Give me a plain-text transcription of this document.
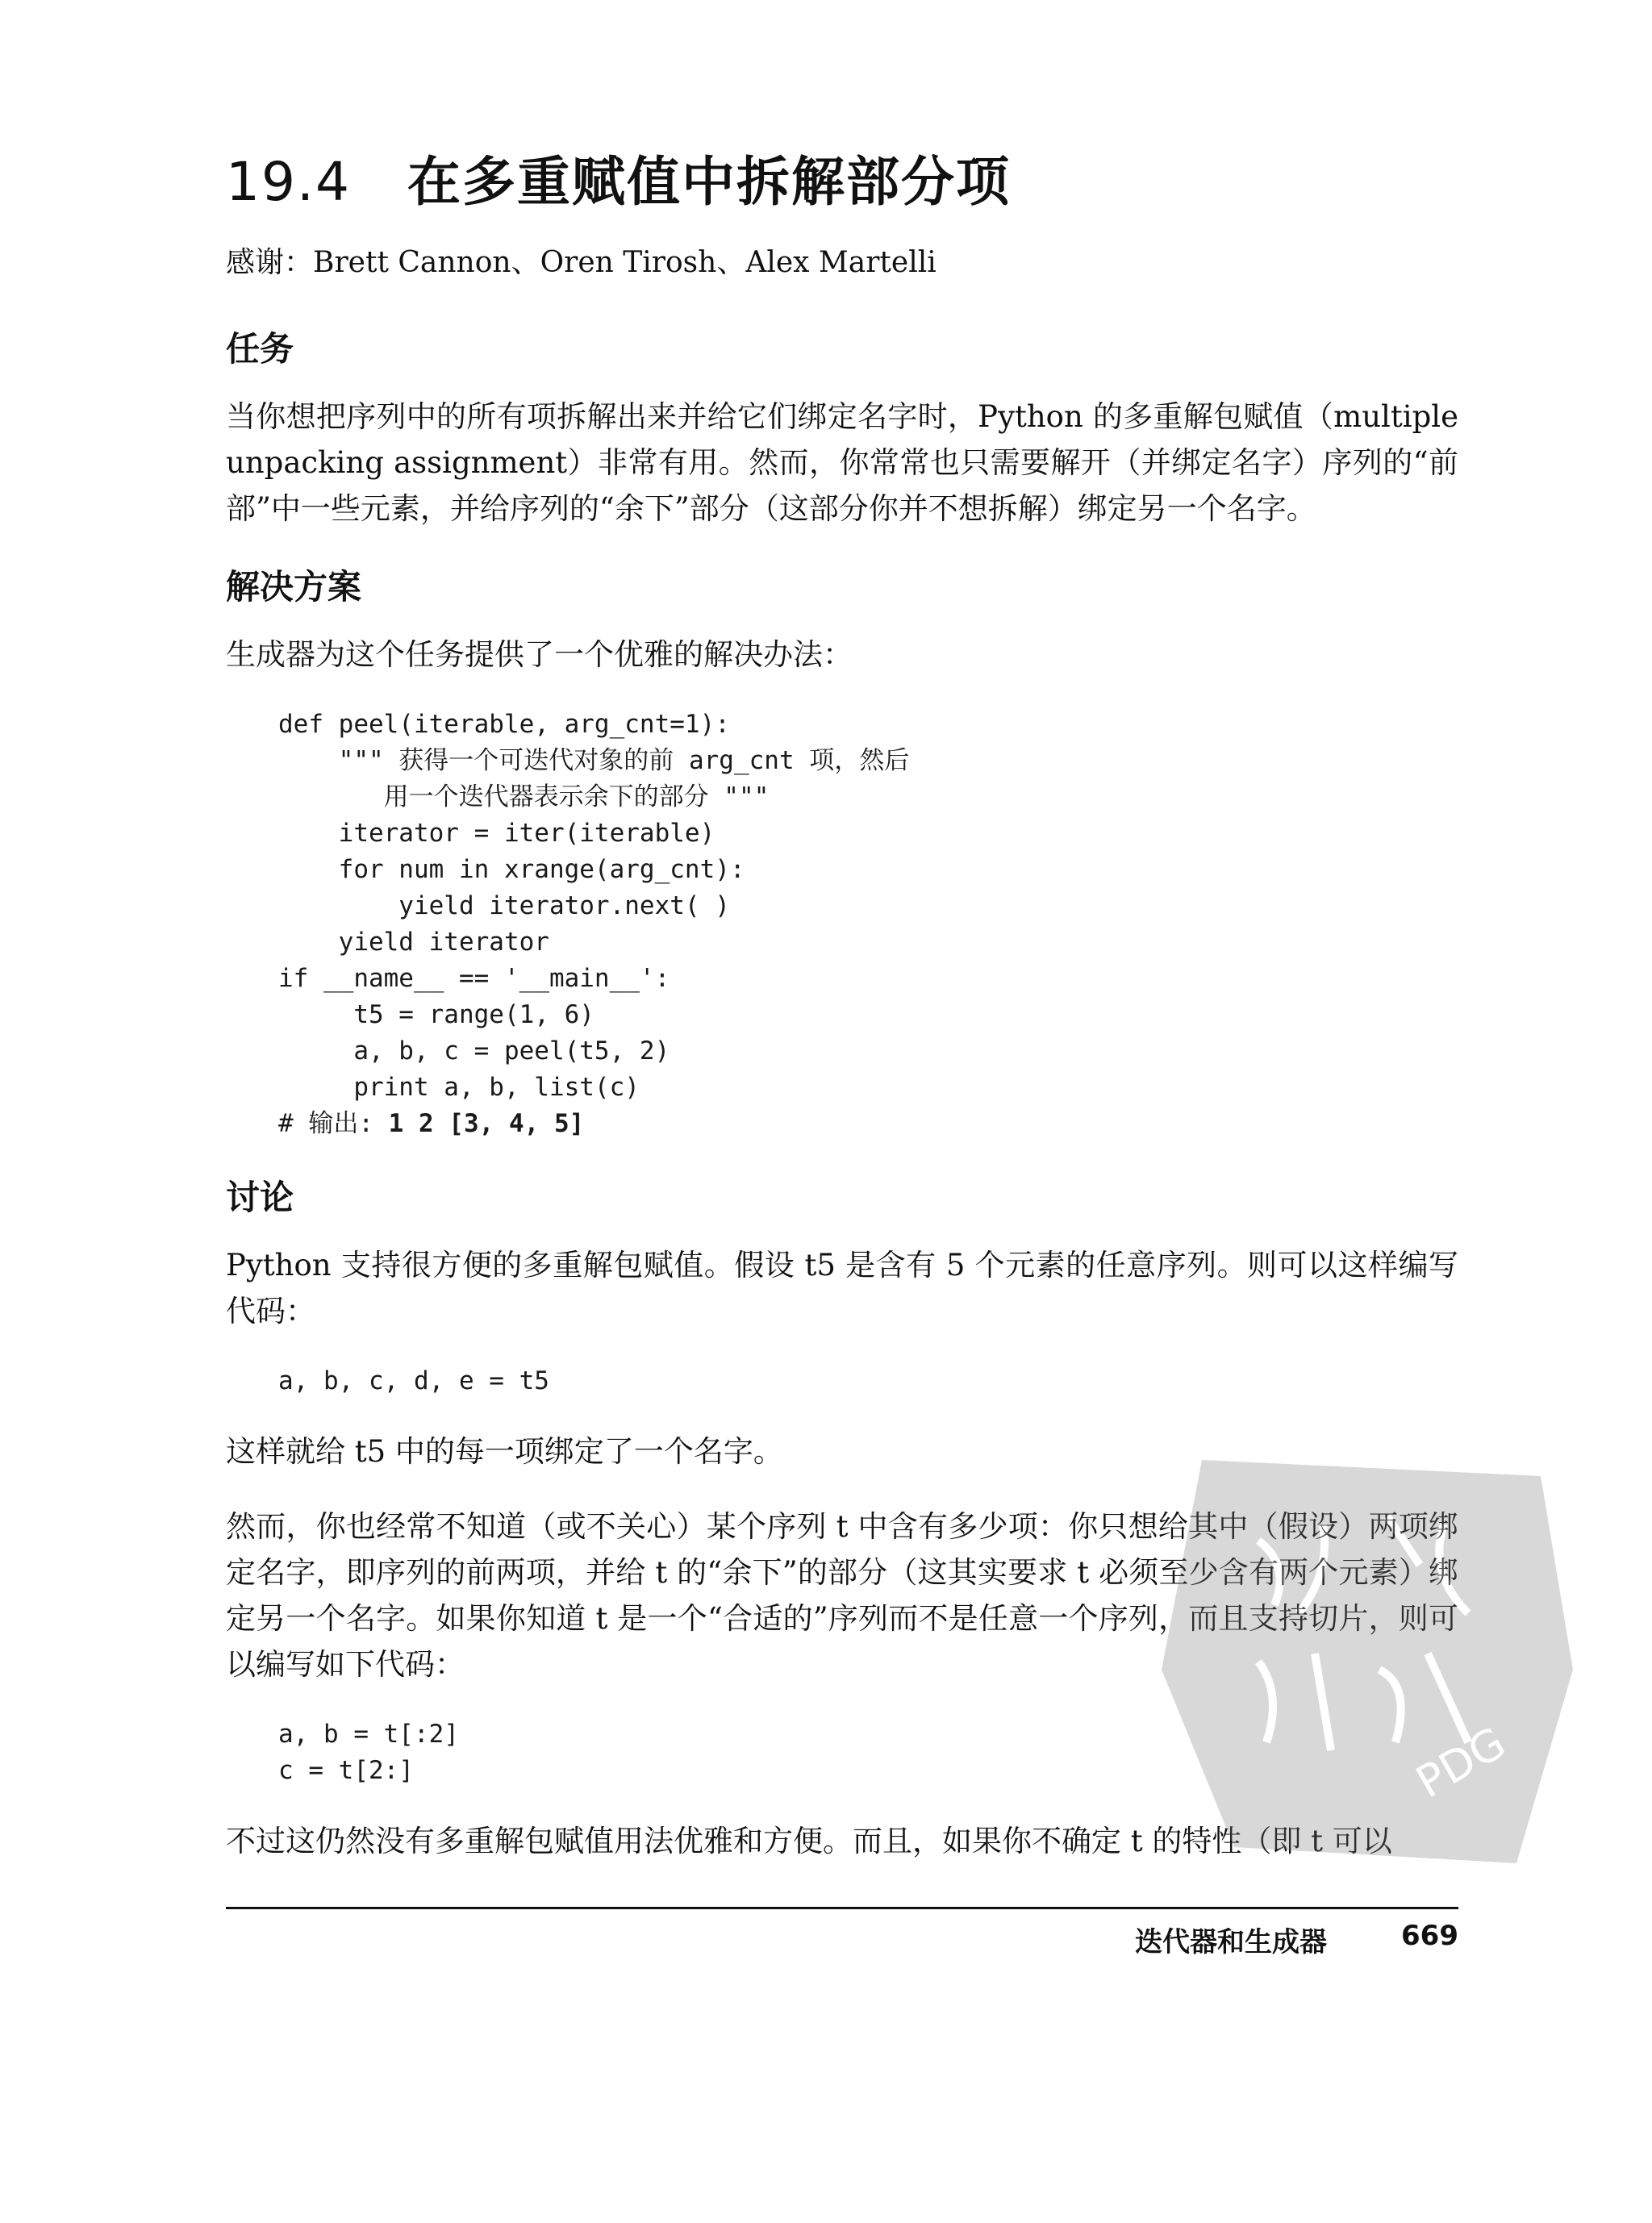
19.4 在多重赋值中拆解部分项
感谢：Brett Cannon、Oren Tirosh、Alex Martelli
任务

当你想把序列中的所有项拆解出来并给它们绑定名字时，Python 的多重解包赋值（multiple unpacking assignment）非常有用。然而，你常常也只需要解开（并绑定名字）序列的“前部”中一些元素，并给序列的“余下”部分（这部分你并不想拆解）绑定另一个名字。

解决方案

生成器为这个任务提供了一个优雅的解决办法：

def peel(iterable, arg_cnt=1):
""" 获得一个可迭代对象的前 arg_cnt 项，然后
用一个迭代器表示余下的部分 """
iterator = iter(iterable)
for num in xrange(arg_cnt):
yield iterator.next( )
yield iterator
if __name__ == '__main__':
t5 = range(1, 6)
a, b, c = peel(t5, 2)
print a, b, list(c)
# 输出: 1 2 [3, 4, 5]
讨论

Python 支持很方便的多重解包赋值。假设 t5 是含有 5 个元素的任意序列。则可以这样编写代码：

a, b, c, d, e = t5

这样就给 t5 中的每一项绑定了一个名字。

然而，你也经常不知道（或不关心）某个序列 t 中含有多少项：你只想给其中（假设）两项绑定名字，即序列的前两项，并给 t 的“余下”的部分（这其实要求 t 必须至少含有两个元素）绑定另一个名字。如果你知道 t 是一个“合适的”序列而不是任意一个序列，而且支持切片，则可以编写如下代码：

a, b = t[:2]
c = t[2:]

不过这仍然没有多重解包赋值用法优雅和方便。而且，如果你不确定 t 的特性（即 t 可以

PDG
迭代器和生成器	669
